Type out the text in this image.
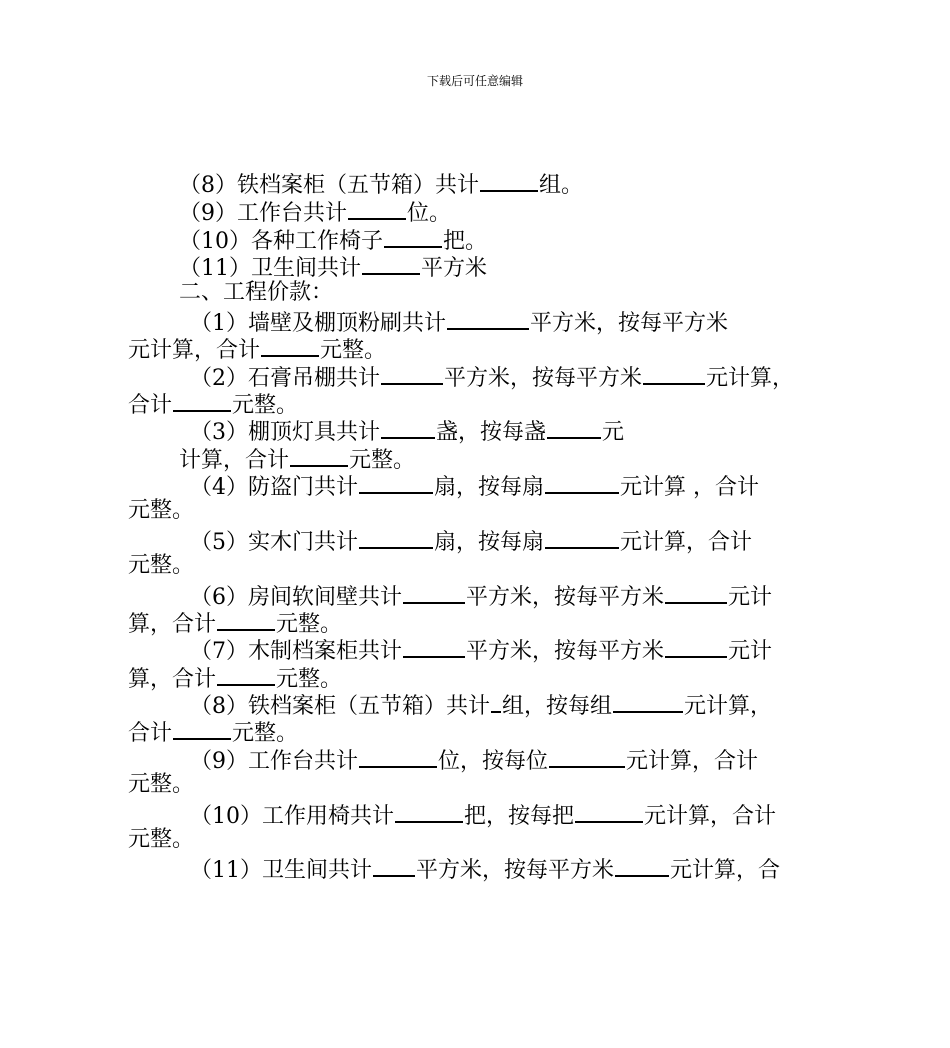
下载后可任意编辑
（8）铁档案柜（五节箱）共计	组。
（9）工作台共计	位。
（10）各种工作椅子	把。
（11）卫生间共计	平方米
二、工程价款：
（1）墙壁及棚顶粉刷共计	平方米，按每平方米
元计算，合计	元整。
（2）石膏吊棚共计	平方米，按每平方米	元计算，
合计	元整。
（3）棚顶灯具共计	盏，按每盏	元
计算，合计	元整。
（4）防盗门共计	扇，按每扇	元计算 ，合计
元整。
（5）实木门共计	扇，按每扇	元计算，合计
元整。
（6）房间软间壁共计	平方米，按每平方米	元计
算，合计	元整。
（7）木制档案柜共计	平方米，按每平方米	元计
算，合计	元整。
（8）铁档案柜（五节箱）共计 组，按每组	元计算，
合计	元整。
（9）工作台共计	位，按每位	元计算，合计
元整。
（10）工作用椅共计	把，按每把	元计算，合计
元整。
（11）卫生间共计 平方米，按每平方米	元计算，合
